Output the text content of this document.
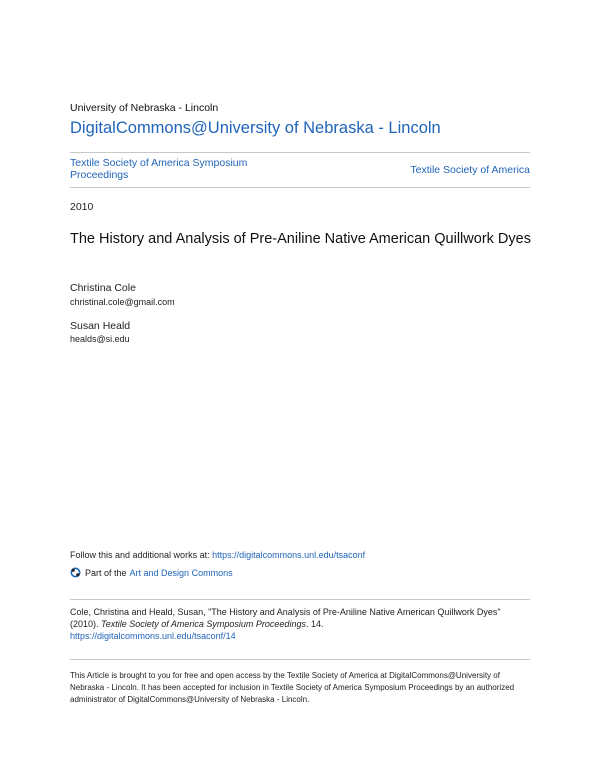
University of Nebraska - Lincoln
DigitalCommons@University of Nebraska - Lincoln
Textile Society of America Symposium Proceedings	Textile Society of America
2010
The History and Analysis of Pre-Aniline Native American Quillwork Dyes
Christina Cole
christinal.cole@gmail.com
Susan Heald
healds@si.edu
Follow this and additional works at: https://digitalcommons.unl.edu/tsaconf
Part of the Art and Design Commons
Cole, Christina and Heald, Susan, "The History and Analysis of Pre-Aniline Native American Quillwork Dyes" (2010). Textile Society of America Symposium Proceedings. 14.
https://digitalcommons.unl.edu/tsaconf/14
This Article is brought to you for free and open access by the Textile Society of America at DigitalCommons@University of Nebraska - Lincoln. It has been accepted for inclusion in Textile Society of America Symposium Proceedings by an authorized administrator of DigitalCommons@University of Nebraska - Lincoln.
